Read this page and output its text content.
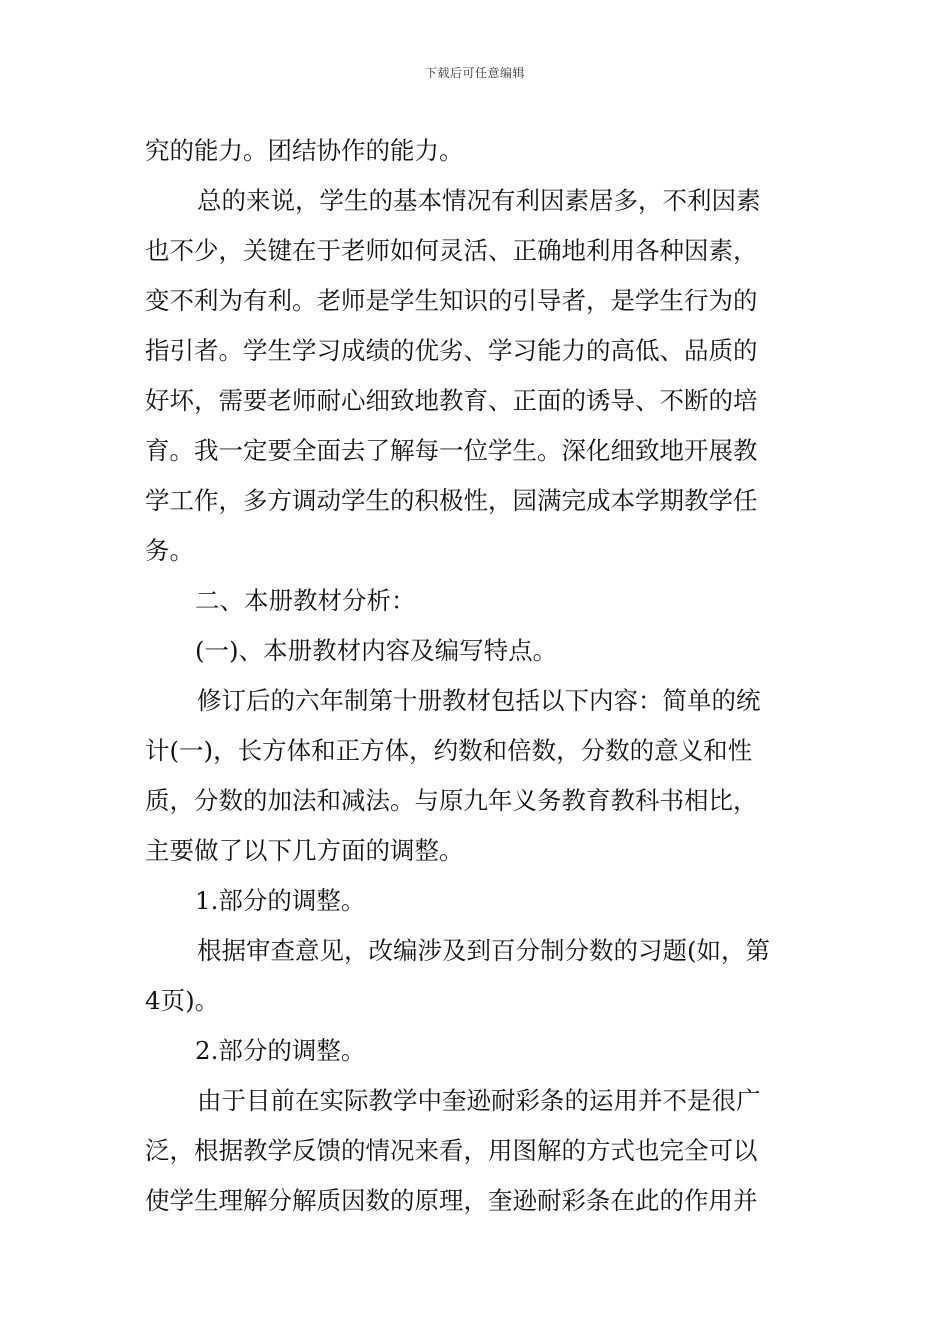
下载后可任意编辑
究的能力。团结协作的能力。
总的来说，学生的基本情况有利因素居多，不利因素
也不少，关键在于老师如何灵活、正确地利用各种因素，
变不利为有利。老师是学生知识的引导者，是学生行为的
指引者。学生学习成绩的优劣、学习能力的高低、品质的
好坏，需要老师耐心细致地教育、正面的诱导、不断的培
育。我一定要全面去了解每一位学生。深化细致地开展教
学工作，多方调动学生的积极性，园满完成本学期教学任
务。
二、本册教材分析：
(一)、本册教材内容及编写特点。
修订后的六年制第十册教材包括以下内容：简单的统
计(一)，长方体和正方体，约数和倍数，分数的意义和性
质，分数的加法和减法。与原九年义务教育教科书相比，
主要做了以下几方面的调整。
1.部分的调整。
根据审查意见，改编涉及到百分制分数的习题(如，第
4页)。
2.部分的调整。
由于目前在实际教学中奎逊耐彩条的运用并不是很广
泛，根据教学反馈的情况来看，用图解的方式也完全可以
使学生理解分解质因数的原理，奎逊耐彩条在此的作用并
